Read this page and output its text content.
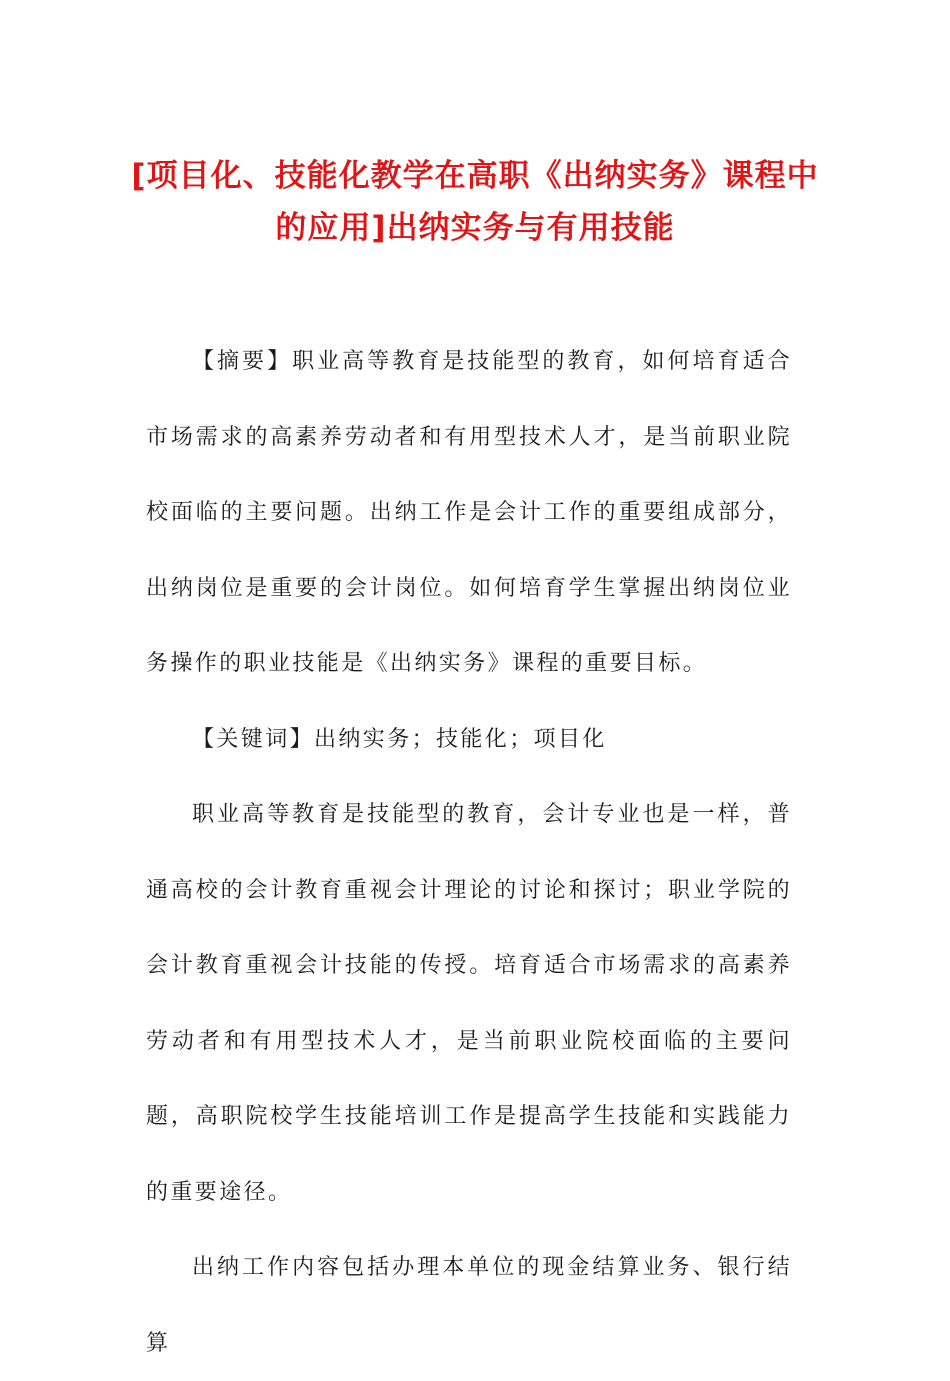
[项目化、技能化教学在高职《出纳实务》课程中的应用]出纳实务与有用技能

【摘要】职业高等教育是技能型的教育，如何培育适合市场需求的高素养劳动者和有用型技术人才，是当前职业院校面临的主要问题。出纳工作是会计工作的重要组成部分，出纳岗位是重要的会计岗位。如何培育学生掌握出纳岗位业务操作的职业技能是《出纳实务》课程的重要目标。

【关键词】出纳实务；技能化；项目化

职业高等教育是技能型的教育，会计专业也是一样，普通高校的会计教育重视会计理论的讨论和探讨；职业学院的会计教育重视会计技能的传授。培育适合市场需求的高素养劳动者和有用型技术人才，是当前职业院校面临的主要问题，高职院校学生技能培训工作是提高学生技能和实践能力的重要途径。

出纳工作内容包括办理本单位的现金结算业务、银行结算
